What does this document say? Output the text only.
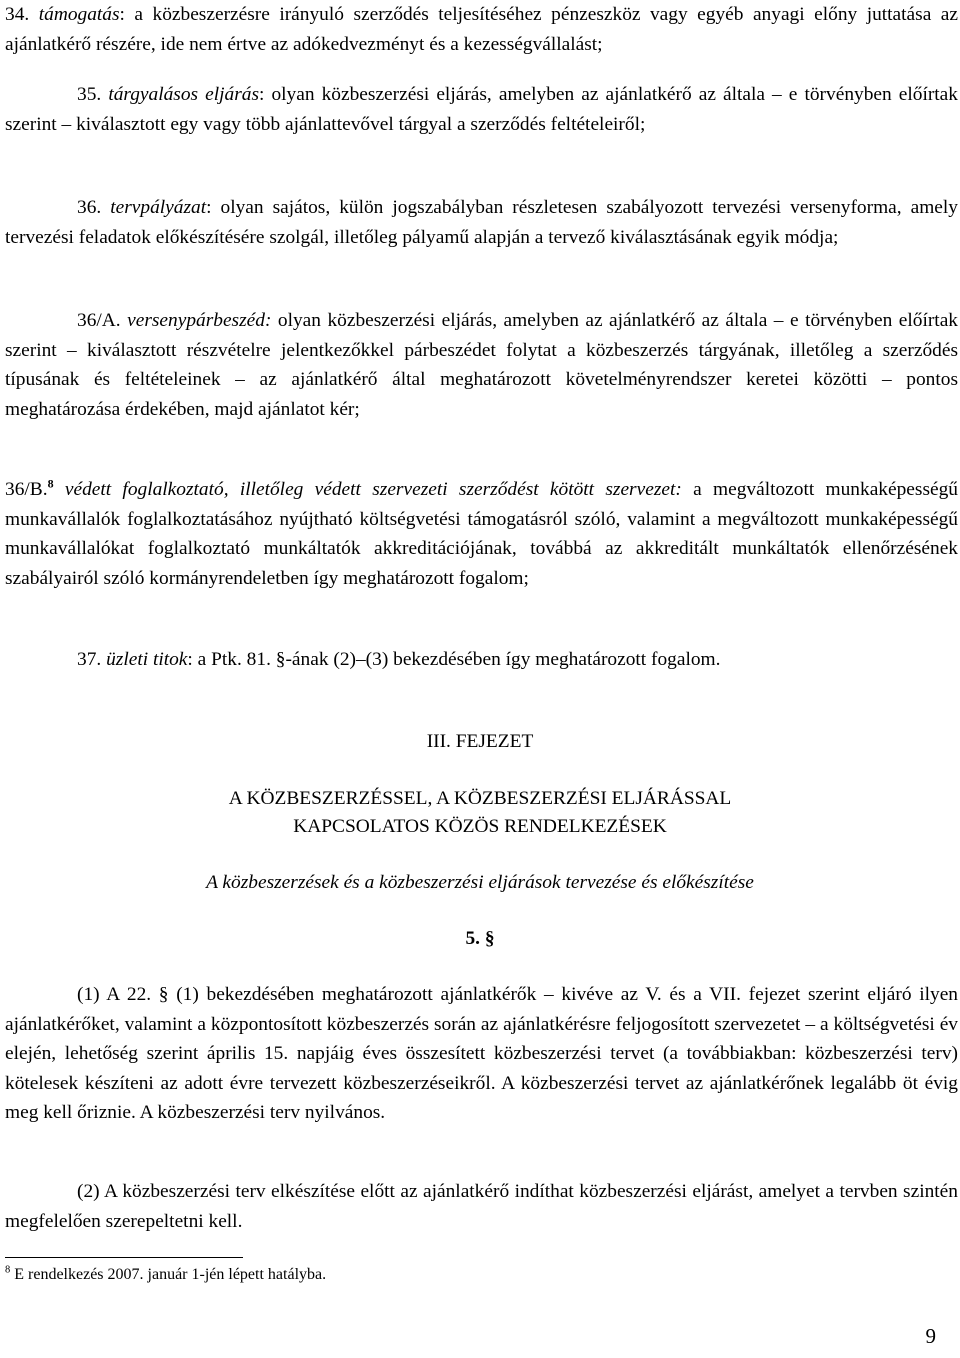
34. támogatás: a közbeszerzésre irányuló szerződés teljesítéséhez pénzeszköz vagy egyéb anyagi előny juttatása az ajánlatkérő részére, ide nem értve az adókedvezményt és a kezességvállalást;

35. tárgyalásos eljárás: olyan közbeszerzési eljárás, amelyben az ajánlatkérő az általa – e törvényben előírtak szerint – kiválasztott egy vagy több ajánlattevővel tárgyal a szerződés feltételeiről;

36. tervpályázat: olyan sajátos, külön jogszabályban részletesen szabályozott tervezési versenyforma, amely tervezési feladatok előkészítésére szolgál, illetőleg pályamű alapján a tervező kiválasztásának egyik módja;

36/A. versenypárbeszéd: olyan közbeszerzési eljárás, amelyben az ajánlatkérő az általa – e törvényben előírtak szerint – kiválasztott részvételre jelentkezőkkel párbeszédet folytat a közbeszerzés tárgyának, illetőleg a szerződés típusának és feltételeinek – az ajánlatkérő által meghatározott követelményrendszer keretei közötti – pontos meghatározása érdekében, majd ajánlatot kér;

36/B.$^8$ védett foglalkoztató, illetőleg védett szervezeti szerződést kötött szervezet: a megváltozott munkaképességű munkavállalók foglalkoztatásához nyújtható költségvetési támogatásról szóló, valamint a megváltozott munkaképességű munkavállalókat foglalkoztató munkáltatók akkreditációjának, továbbá az akkreditált munkáltatók ellenőrzésének szabályairól szóló kormányrendeletben így meghatározott fogalom;

37. üzleti titok: a Ptk. 81. §-ának (2)–(3) bekezdésében így meghatározott fogalom.

III. FEJEZET

A KÖZBESZERZÉSSEL, A KÖZBESZERZÉSI ELJÁRÁSSAL

KAPCSOLATOS KÖZÖS RENDELKEZÉSEK

A közbeszerzések és a közbeszerzési eljárások tervezése és előkészítése

5. §

(1) A 22. § (1) bekezdésében meghatározott ajánlatkérők – kivéve az V. és a VII. fejezet szerint eljáró ilyen ajánlatkérőket, valamint a központosított közbeszerzés során az ajánlatkérésre feljogosított szervezetet – a költségvetési év elején, lehetőség szerint április 15. napjáig éves összesített közbeszerzési tervet (a továbbiakban: közbeszerzési terv) kötelesek készíteni az adott évre tervezett közbeszerzéseikről. A közbeszerzési tervet az ajánlatkérőnek legalább öt évig meg kell őriznie. A közbeszerzési terv nyilvános.

(2) A közbeszerzési terv elkészítése előtt az ajánlatkérő indíthat közbeszerzési eljárást, amelyet a tervben szintén megfelelően szerepeltetni kell.

$^8$ E rendelkezés 2007. január 1-jén lépett hatályba.

9
